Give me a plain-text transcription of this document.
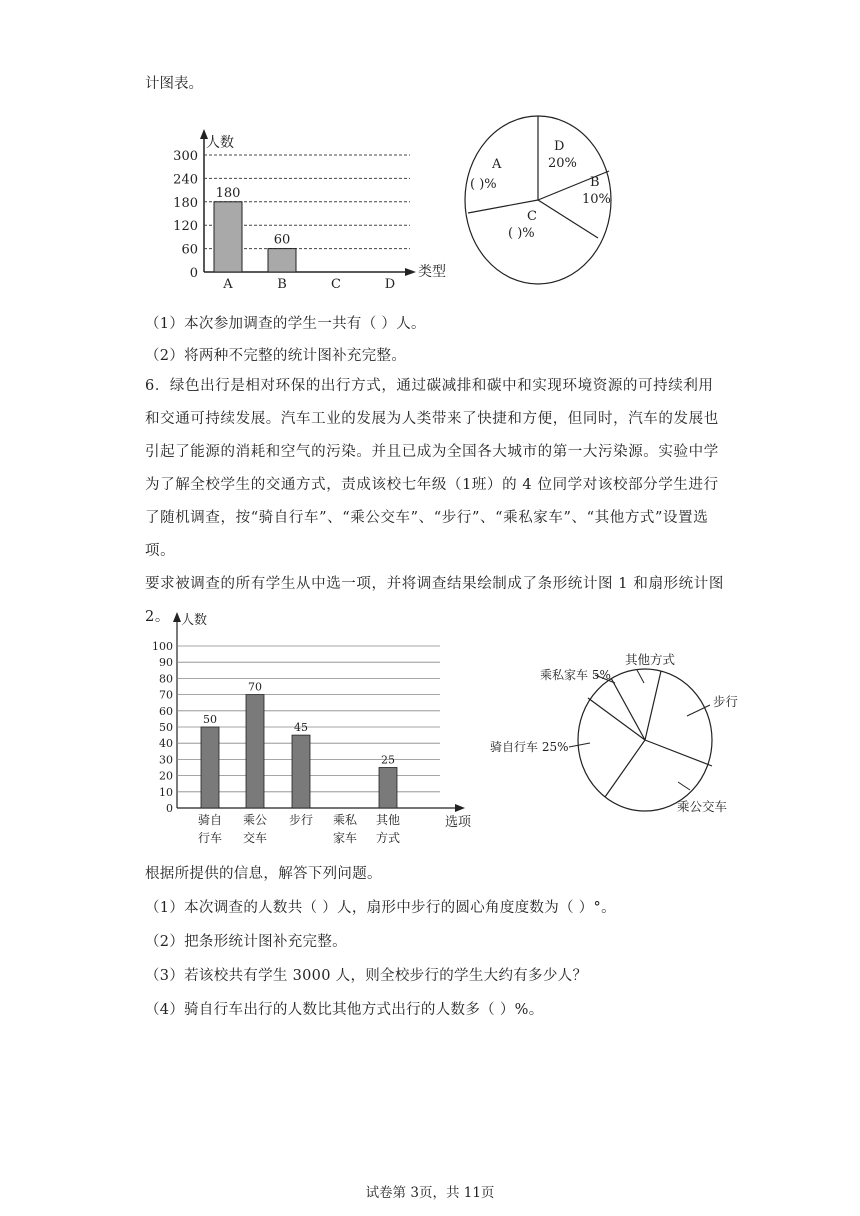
计图表。
人数
类型
300
240
180
120
60
0
180
A
60
B	C	D
A
( )%
D
20%
B
10%
C
( )%
（1）本次参加调查的学生一共有（ ）人。
（2）将两种不完整的统计图补充完整。
6．绿色出行是相对环保的出行方式，通过碳减排和碳中和实现环境资源的可持续利用
和交通可持续发展。汽车工业的发展为人类带来了快捷和方便，但同时，汽车的发展也
引起了能源的消耗和空气的污染。并且已成为全国各大城市的第一大污染源。实验中学
为了解全校学生的交通方式，责成该校七年级（1班）的 4 位同学对该校部分学生进行
了随机调查，按“骑自行车”、“乘公交车”、“步行”、“乘私家车”、“其他方式”设置选项。
要求被调查的所有学生从中选一项，并将调查结果绘制成了条形统计图 1 和扇形统计图
2。 人数
选项
100
90
80
70
60
50
40
30
20
10
0
50
骑自
行车
70
乘公
交车
45
步行 乘私
家车
25
其他
方式
其他方式
乘私家车 5%
步行
骑自行车 25%
乘公交车
根据所提供的信息，解答下列问题。
（1）本次调查的人数共（ ）人，扇形中步行的圆心角度度数为（ ）°。
（2）把条形统计图补充完整。
（3）若该校共有学生 3000 人，则全校步行的学生大约有多少人？
（4）骑自行车出行的人数比其他方式出行的人数多（ ）%。
试卷第 3页，共 11页
